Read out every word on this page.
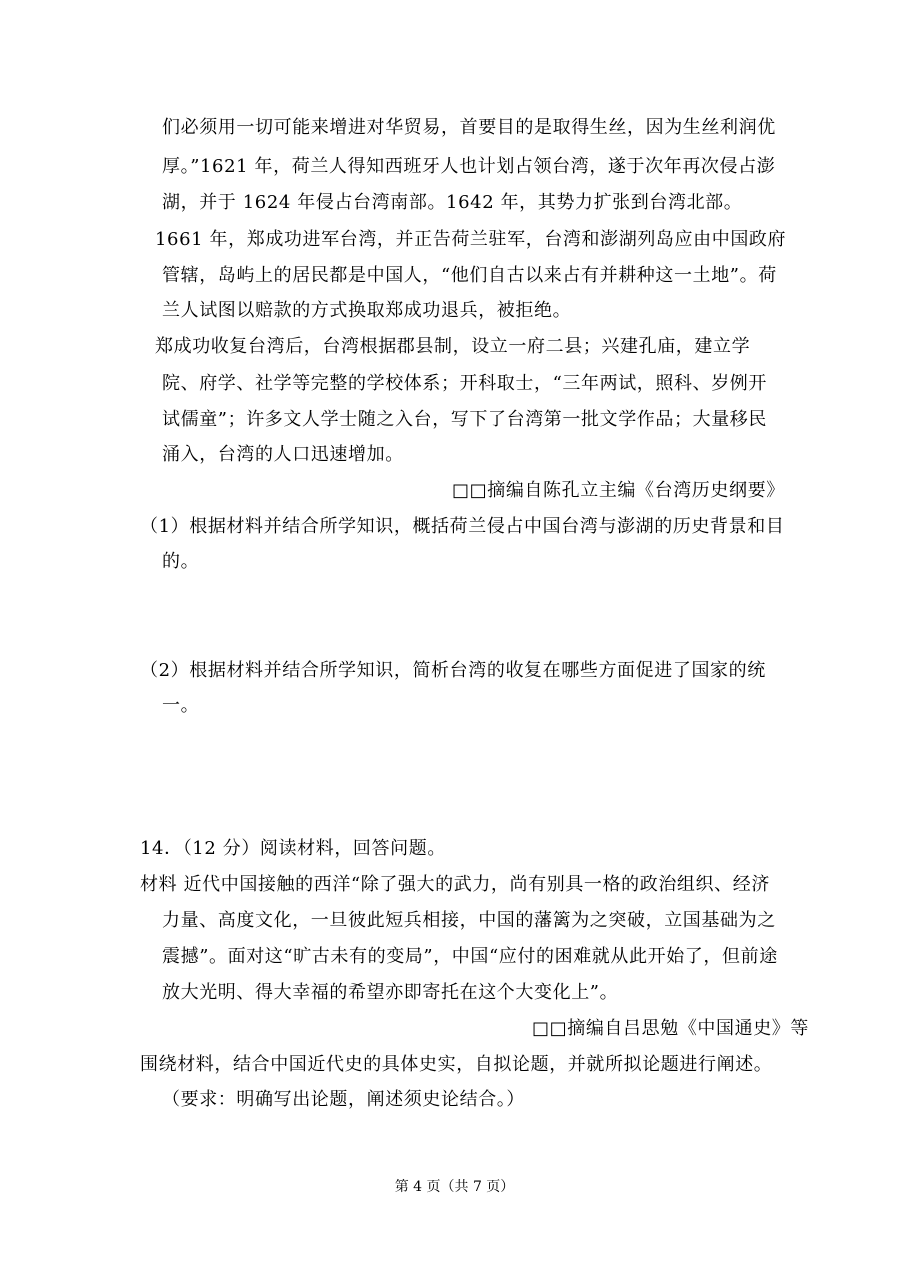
们必须用一切可能来增进对华贸易，首要目的是取得生丝，因为生丝利润优
厚。”1621 年，荷兰人得知西班牙人也计划占领台湾，遂于次年再次侵占澎
湖，并于 1624 年侵占台湾南部。1642 年，其势力扩张到台湾北部。
1661 年，郑成功进军台湾，并正告荷兰驻军，台湾和澎湖列岛应由中国政府
管辖，岛屿上的居民都是中国人，“他们自古以来占有并耕种这一土地”。荷
兰人试图以赔款的方式换取郑成功退兵，被拒绝。
郑成功收复台湾后，台湾根据郡县制，设立一府二县；兴建孔庙，建立学
院、府学、社学等完整的学校体系；开科取士，“三年两试，照科、岁例开
试儒童”；许多文人学士随之入台，写下了台湾第一批文学作品；大量移民
涌入，台湾的人口迅速增加。
□□摘编自陈孔立主编《台湾历史纲要》
（1）根据材料并结合所学知识，概括荷兰侵占中国台湾与澎湖的历史背景和目
的。
（2）根据材料并结合所学知识，简析台湾的收复在哪些方面促进了国家的统
一。
14．（12 分）阅读材料，回答问题。
材料 近代中国接触的西洋“除了强大的武力，尚有别具一格的政治组织、经济
力量、高度文化，一旦彼此短兵相接，中国的藩篱为之突破，立国基础为之
震撼”。面对这“旷古未有的变局”，中国“应付的困难就从此开始了，但前途
放大光明、得大幸福的希望亦即寄托在这个大变化上”。
□□摘编自吕思勉《中国通史》等
围绕材料，结合中国近代史的具体史实，自拟论题，并就所拟论题进行阐述。
（要求：明确写出论题，阐述须史论结合。）
第 4 页（共 7 页）
